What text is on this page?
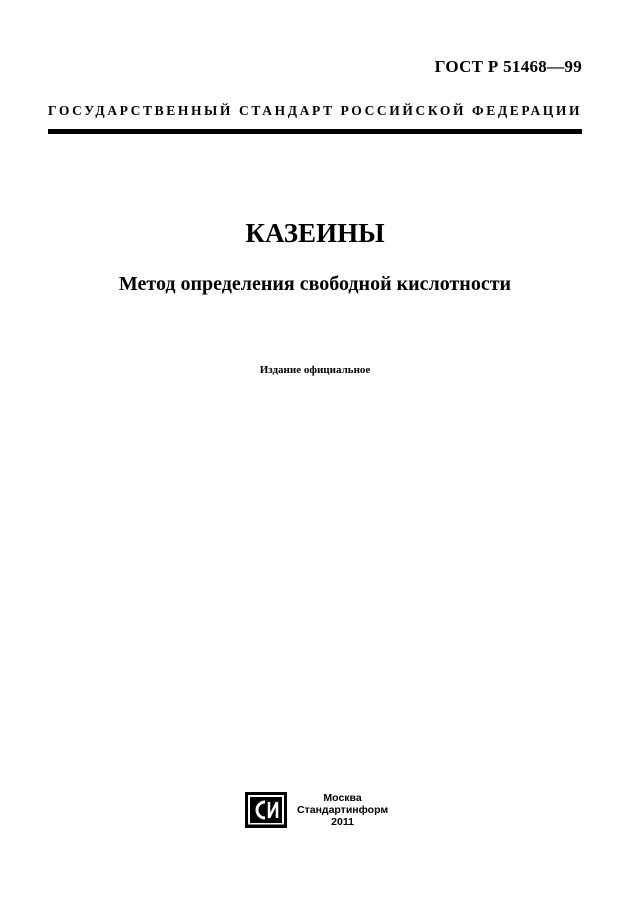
ГОСТ Р 51468—99
ГОСУДАРСТВЕННЫЙ СТАНДАРТ РОССИЙСКОЙ ФЕДЕРАЦИИ
КАЗЕИНЫ
Метод определения свободной кислотности
Издание официальное
Москва
Стандартинформ
2011
